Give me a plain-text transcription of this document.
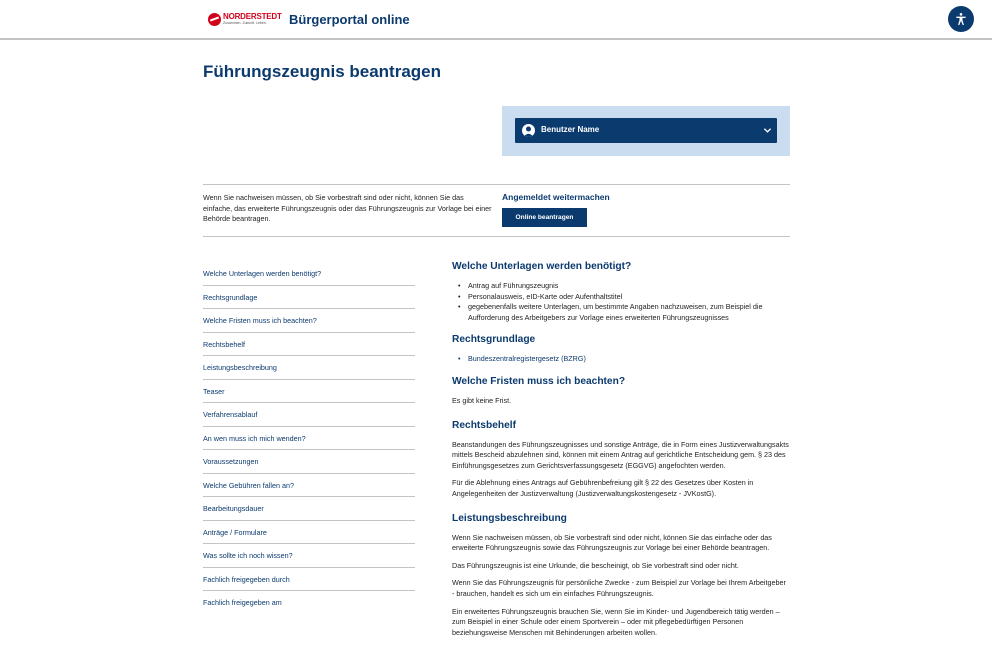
NORDERSTEDT
Zusammen. Zukunft. Leben. Bürgerportal online
Führungszeugnis beantragen
Benutzer Name

Wenn Sie nachweisen müssen, ob Sie vorbestraft sind oder nicht, können Sie das einfache, das erweiterte Führungszeugnis oder das Führungszeugnis zur Vorlage bei einer Behörde beantragen.

Angemeldet weitermachen
Online beantragen
Welche Unterlagen werden benötigt?
Rechtsgrundlage
Welche Fristen muss ich beachten?
Rechtsbehelf
Leistungsbeschreibung
Teaser
Verfahrensablauf
An wen muss ich mich wenden?
Voraussetzungen
Welche Gebühren fallen an?
Bearbeitungsdauer
Anträge / Formulare
Was sollte ich noch wissen?
Fachlich freigegeben durch
Fachlich freigegeben am
Welche Unterlagen werden benötigt?
• Antrag auf Führungszeugnis
• Personalausweis, eID-Karte oder Aufenthaltstitel
• gegebenenfalls weitere Unterlagen, um bestimmte Angaben nachzuweisen, zum Beispiel die Aufforderung des Arbeitgebers zur Vorlage eines erweiterten Führungszeugnisses
Rechtsgrundlage
• Bundeszentralregistergesetz (BZRG)
Welche Fristen muss ich beachten?

Es gibt keine Frist.

Rechtsbehelf

Beanstandungen des Führungszeugnisses und sonstige Anträge, die in Form eines Justizverwaltungsakts mittels Bescheid abzulehnen sind, können mit einem Antrag auf gerichtliche Entscheidung gem. § 23 des Einführungsgesetzes zum Gerichtsverfassungsgesetz (EGGVG) angefochten werden.

Für die Ablehnung eines Antrags auf Gebührenbefreiung gilt § 22 des Gesetzes über Kosten in Angelegenheiten der Justizverwaltung (Justizverwaltungskostengesetz - JVKostG).

Leistungsbeschreibung

Wenn Sie nachweisen müssen, ob Sie vorbestraft sind oder nicht, können Sie das einfache oder das erweiterte Führungszeugnis sowie das Führungszeugnis zur Vorlage bei einer Behörde beantragen.

Das Führungszeugnis ist eine Urkunde, die bescheinigt, ob Sie vorbestraft sind oder nicht.

Wenn Sie das Führungszeugnis für persönliche Zwecke - zum Beispiel zur Vorlage bei Ihrem Arbeitgeber - brauchen, handelt es sich um ein einfaches Führungszeugnis.

Ein erweitertes Führungszeugnis brauchen Sie, wenn Sie im Kinder- und Jugendbereich tätig werden – zum Beispiel in einer Schule oder einem Sportverein – oder mit pflegebedürftigen Personen beziehungsweise Menschen mit Behinderungen arbeiten wollen.
